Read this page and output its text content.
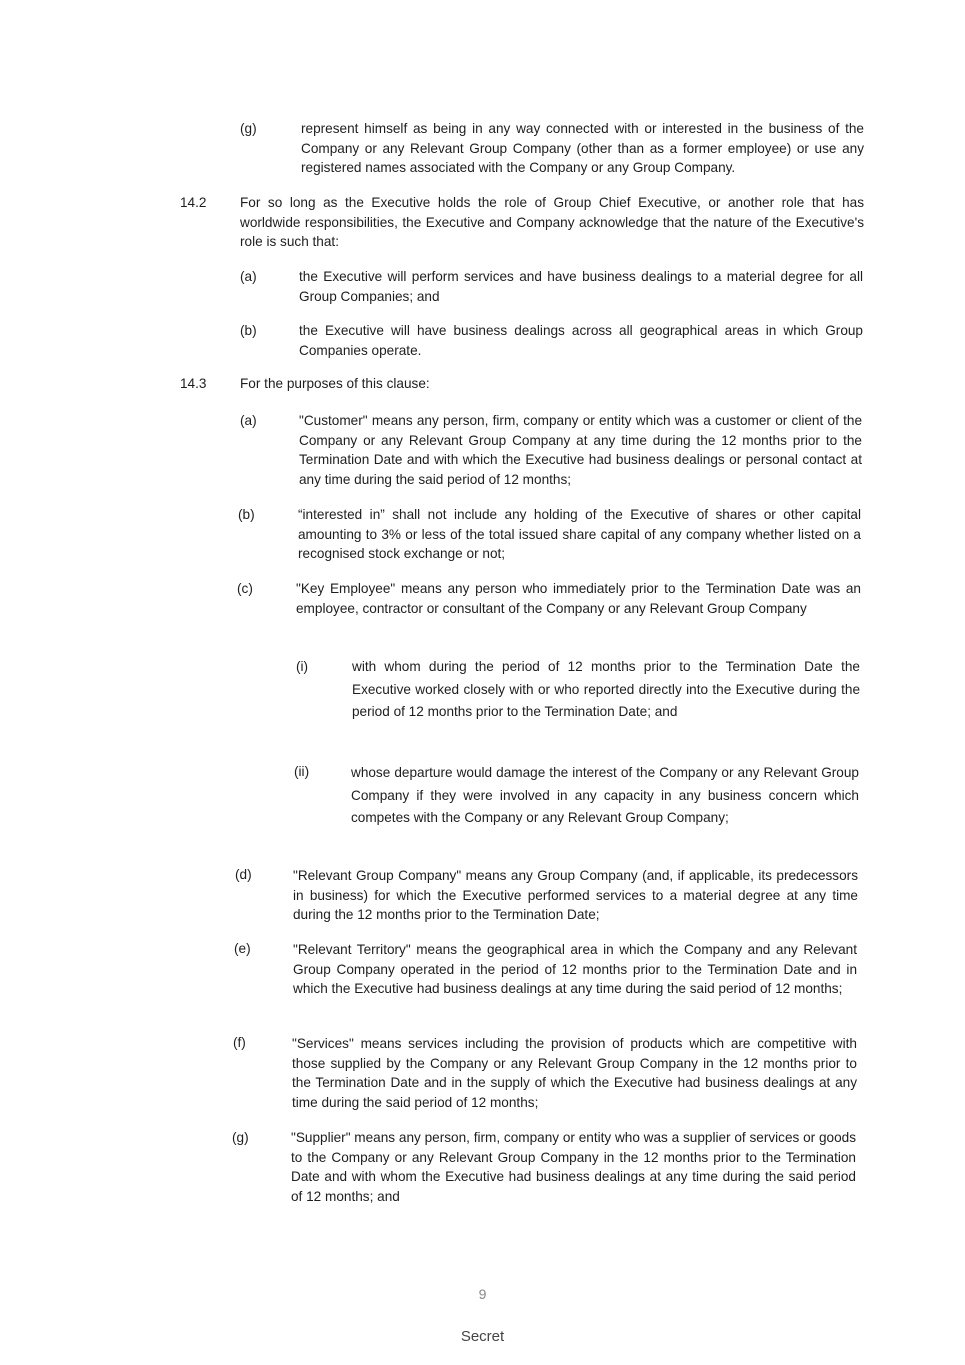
(g)	represent himself as being in any way connected with or interested in the business of the Company or any Relevant Group Company (other than as a former employee) or use any registered names associated with the Company or any Group Company.
14.2 For so long as the Executive holds the role of Group Chief Executive, or another role that has worldwide responsibilities, the Executive and Company acknowledge that the nature of the Executive's role is such that:
(a)	the Executive will perform services and have business dealings to a material degree for all Group Companies; and
(b)	the Executive will have business dealings across all geographical areas in which Group Companies operate.
14.3 For the purposes of this clause:
(a)	"Customer" means any person, firm, company or entity which was a customer or client of the Company or any Relevant Group Company at any time during the 12 months prior to the Termination Date and with which the Executive had business dealings or personal contact at any time during the said period of 12 months;
(b)	“interested in” shall not include any holding of the Executive of shares or other capital amounting to 3% or less of the total issued share capital of any company whether listed on a recognised stock exchange or not;
(c)	"Key Employee" means any person who immediately prior to the Termination Date was an employee, contractor or consultant of the Company or any Relevant Group Company
(i)	with whom during the period of 12 months prior to the Termination Date the Executive worked closely with or who reported directly into the Executive during the period of 12 months prior to the Termination Date; and
(ii)	whose departure would damage the interest of the Company or any Relevant Group Company if they were involved in any capacity in any business concern which competes with the Company or any Relevant Group Company;
(d)	"Relevant Group Company" means any Group Company (and, if applicable, its predecessors in business) for which the Executive performed services to a material degree at any time during the 12 months prior to the Termination Date;
(e)	"Relevant Territory" means the geographical area in which the Company and any Relevant Group Company operated in the period of 12 months prior to the Termination Date and in which the Executive had business dealings at any time during the said period of 12 months;
(f)	"Services" means services including the provision of products which are competitive with those supplied by the Company or any Relevant Group Company in the 12 months prior to the Termination Date and in the supply of which the Executive had business dealings at any time during the said period of 12 months;
(g)	"Supplier" means any person, firm, company or entity who was a supplier of services or goods to the Company or any Relevant Group Company in the 12 months prior to the Termination Date and with whom the Executive had business dealings at any time during the said period of 12 months; and
9
Secret
